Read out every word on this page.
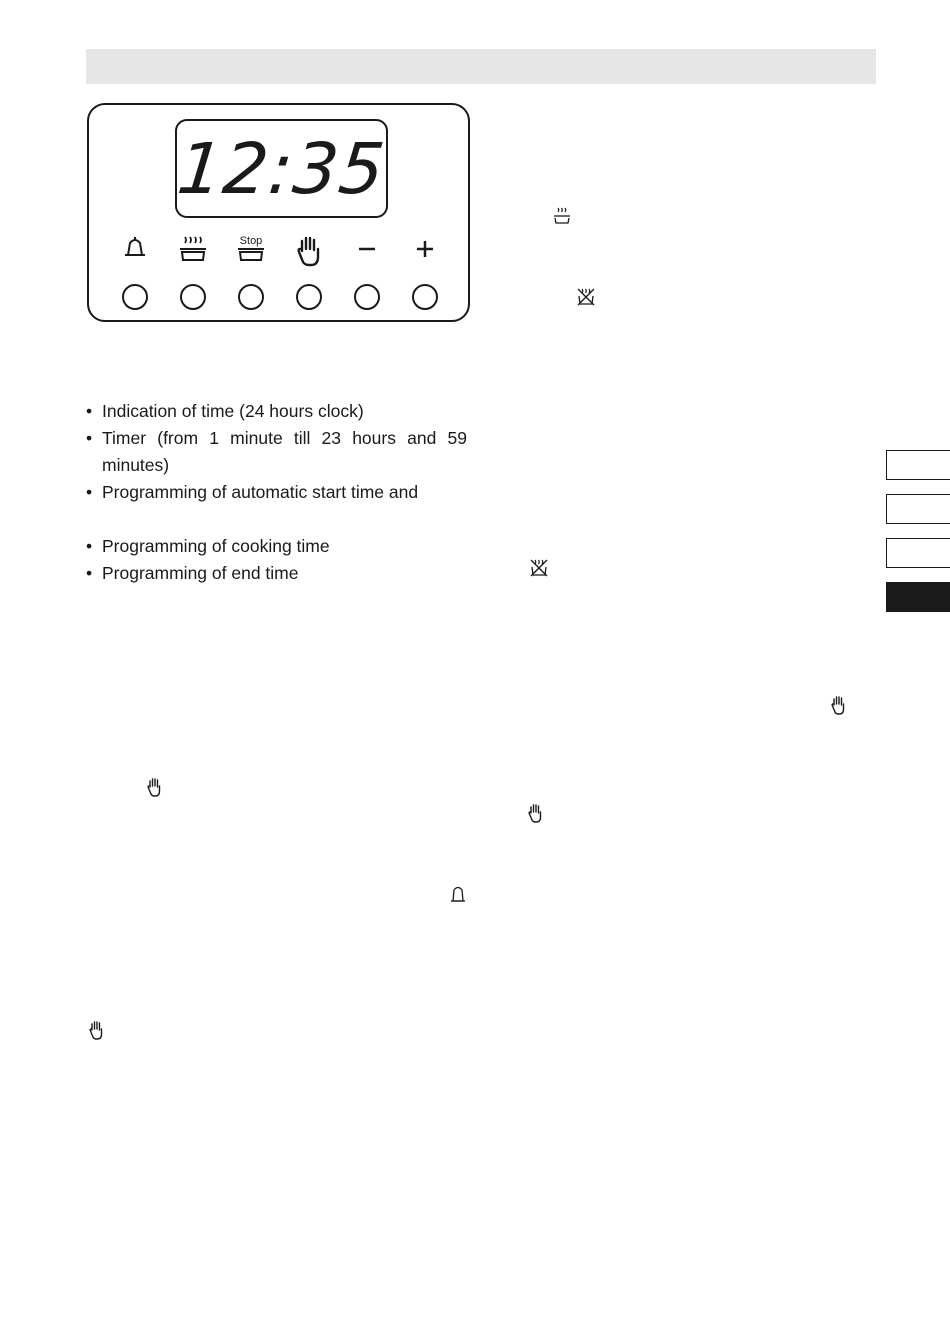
12:35
Stop
• Indication of time (24 hours clock)
• Timer (from 1 minute till 23 hours and 59 minutes)
• Programming of automatic start time and
• Programming of cooking time
• Programming of end time
